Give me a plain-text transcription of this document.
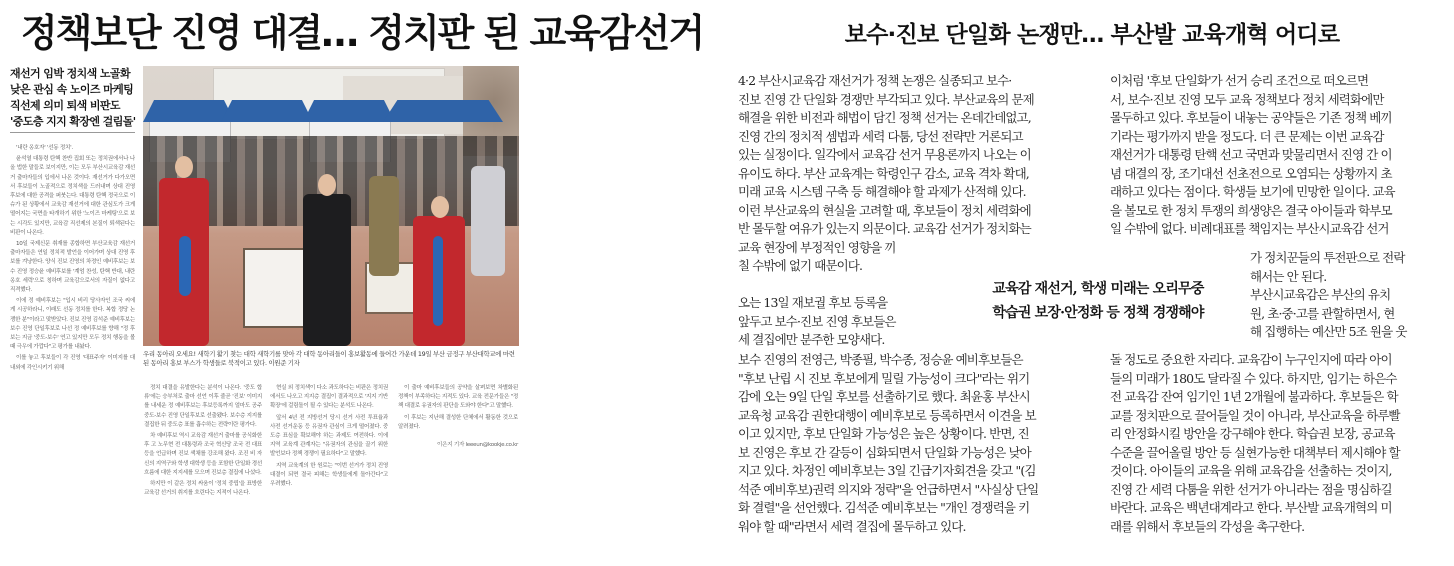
정책보단 진영 대결… 정치판 된 교육감선거
재선거 임박 정치색 노골화
낮은 관심 속 노이즈 마케팅
직선제 의미 퇴색 비판도
'중도층 지지 확장엔 걸림돌'

'내란 옹호자' '선동 정치'.

윤석열 대통령 탄핵 찬반 집회 또는 정치권에서나 나올 법한 말들로 보이지만, 이는 모두 부산시교육감 재선거 출마자들의 입에서 나온 것이다. 재선거가 다가오면서 후보들이 노골적으로 정치색을 드러내며 상대 진영 후보에 대한 공격을 퍼붓는다. 대통령 탄핵 정국으로 이슈가 된 상황에서 교육감 재선거에 대한 관심도가 크게 떨어지는 국면을 타개하기 위한 '노이즈 마케팅'으로 보는 시각도 있지만, 교육감 직선제의 본질이 퇴색된다는 비판이 나온다.

10일 국제신문 취재를 종합하면 부산교육감 재선거 출마자들은 연일 정치적 발언을 이어가며 상대 진영 후보를 겨냥한다. 양식 진보 진영의 차정인 예비후보는 보수 진영 정승윤 예비후보를 '계엄 찬성, 탄핵 반대, 내란 옹호 세력'으로 칭하며 교육감으로서의 자질이 없다고 직격했다.

이에 정 예비후보는 "입시 비리 당사자인 조국 씨에게 시공하라니, 이래도 선동 정치를 한다. 복합 정당 논쟁한 분"이라고 맞받았다. 진보 진영 김석준 예비후보는 보수 진영 단일후보로 나선 정 예비후보를 향해 "정 후보는 지금 '중도-보수' 연고 있지만 모두 정치 행동을 볼 때 극우에 가깝다"고 평가를 내놨다.

이를 놓고 후보들이 각 진영 '대표주자' 이미지를 대내외에 각인시키기 위해

우리 동아리 오세요! 새학기 활기 찾는 대학 새학기를 맞아 각 대학 동아리들이 홍보활동에 들어간 가운데 19일 부산 금정구 부산대학교에 마련된 동아리 홍보 부스가 학생들로 북적이고 있다. 이원준 기자

정치 대결을 유발한다는 분석이 나온다. '중도 합류'에는 승부처로 출마 선언 이후 줄곧 '진보' 이미지를 내세운 정 예비후보는 후보등록까지 얼마도 공주 중도-보수 진영 단일후보로 선출됐다. 보수층 지지를 결집한 뒤 중도층 표를 흡수하는 전략이란 평가다.

차 예비후보 역시 교육감 재선거 출마를 공식화한 후 고 노무현 전 대통령과 조국 혁신당 조국 전 대표 등을 언급하며 진보 색채를 강조해 왔다. 조진 비 자신의 지역구와 학생 대학생 등을 포함한 단일화 경선 흐름에 대한 지지세를 모으며 진보층 결집에 나섰다.

하지만 이 같은 정치 싸움이 '정치 중립'을 표방한 교육감 선거의 취지를 흐린다는 지적이 나온다.

현실 외 정치색이 다소 과도하다는 비판은 정치권에서도 나오고 지지층 결집이 결과적으로 '지지 기반 확장'에 걸림돌이 될 수 있다는 분석도 나온다.

앞서 4년 전 지방선거 당시 선거 사전 투표율과 사전 선거운동 등 유권자 관심이 크게 떨어졌다. 중도층 표심을 확보해야 하는 과제도 여전하다. 이에 지역 교육계 관계자는 "유권자의 관심을 끌기 위한 발언보다 정책 경쟁이 필요하다"고 말했다.

지역 교육계의 한 원로는 "이번 선거가 정치 진영 대결이 되면 결국 피해는 학생들에게 돌아간다"고 우려했다.

이 출마 예비후보들의 공약을 살펴보면 차별화된 정책이 부족하다는 지적도 있다. 교육 전문가들은 "정책 대결로 유권자의 판단을 도와야 한다"고 말했다.

이 후보는 지난해 결성한 단체에서 활동한 것으로 알려졌다.

이은지 기자 leeeun@kookje.co.kr
보수·진보 단일화 논쟁만… 부산발 교육개혁 어디로
4·2 부산시교육감 재선거가 정책 논쟁은 실종되고 보수·
진보 진영 간 단일화 경쟁만 부각되고 있다. 부산교육의 문제
해결을 위한 비전과 해법이 담긴 정책 선거는 온데간데없고,
진영 간의 정치적 셈법과 세력 다툼, 당선 전략만 거론되고
있는 실정이다. 일각에서 교육감 선거 무용론까지 나오는 이
유이도 하다. 부산 교육계는 학령인구 감소, 교육 격차 확대,
미래 교육 시스템 구축 등 해결해야 할 과제가 산적해 있다.
이런 부산교육의 현실을 고려할 때, 후보들이 정치 세력화에
반 몰두할 여유가 있는지 의문이다. 교육감 선거가 정치화는
교육 현장에 부정적인 영향을 끼
칠 수밖에 없기 때문이다.
오는 13일 재보궐 후보 등록을
앞두고 보수·진보 진영 후보들은
세 결집에만 분주한 모양새다.
이처럼 '후보 단일화'가 선거 승리 조건으로 떠오르면
서, 보수·진보 진영 모두 교육 정책보다 정치 세력화에만
몰두하고 있다. 후보들이 내놓는 공약들은 기존 정책 베끼
기라는 평가까지 받을 정도다. 더 큰 문제는 이번 교육감
재선거가 대통령 탄핵 선고 국면과 맞물리면서 진영 간 이
념 대결의 장, 조기대선 선초전으로 오염되는 상황까지 초
래하고 있다는 점이다. 학생들 보기에 민망한 일이다. 교육
을 볼모로 한 정치 투쟁의 희생양은 결국 아이들과 학부모
일 수밖에 없다. 비례대표를 책임지는 부산시교육감 선거
가 정치꾼들의 투전판으로 전락
해서는 안 된다.
부산시교육감은 부산의 유치
원, 초·중·고를 관할하면서, 현
해 집행하는 예산만 5조 원을 웃
교육감 재선거, 학생 미래는 오리무중
학습권 보장·안정화 등 정책 경쟁해야
보수 진영의 전영근, 박종필, 박수종, 정승윤 예비후보들은
"후보 난립 시 진보 후보에게 밀릴 가능성이 크다"라는 위기
감에 오는 9일 단일 후보를 선출하기로 했다. 최윤홍 부산시
교육청 교육감 권한대행이 예비후보로 등록하면서 이견을 보
이고 있지만, 후보 단일화 가능성은 높은 상황이다. 반면, 진
보 진영은 후보 간 갈등이 심화되면서 단일화 가능성은 낮아
지고 있다. 차정인 예비후보는 3일 긴급기자회견을 갖고 "(김
석준 예비후보)권력 의지와 정략"을 언급하면서 "사실상 단일
화 결렬"을 선언했다. 김석준 예비후보는 "개인 경쟁력을 키
워야 할 때"라면서 세력 결집에 몰두하고 있다.
돌 정도로 중요한 자리다. 교육감이 누구인지에 따라 아이
들의 미래가 180도 달라질 수 있다. 하지만, 임기는 하은수
전 교육감 잔여 임기인 1년 2개월에 불과하다. 후보들은 학
교를 정치판으로 끌어들일 것이 아니라, 부산교육을 하루빨
리 안정화시킬 방안을 강구해야 한다. 학습권 보장, 공교육
수준을 끌어올릴 방안 등 실현가능한 대책부터 제시해야 할
것이다. 아이들의 교육을 위해 교육감을 선출하는 것이지,
진영 간 세력 다툼을 위한 선거가 아니라는 점을 명심하길
바란다. 교육은 백년대계라고 한다. 부산발 교육개혁의 미
래를 위해서 후보들의 각성을 촉구한다.
